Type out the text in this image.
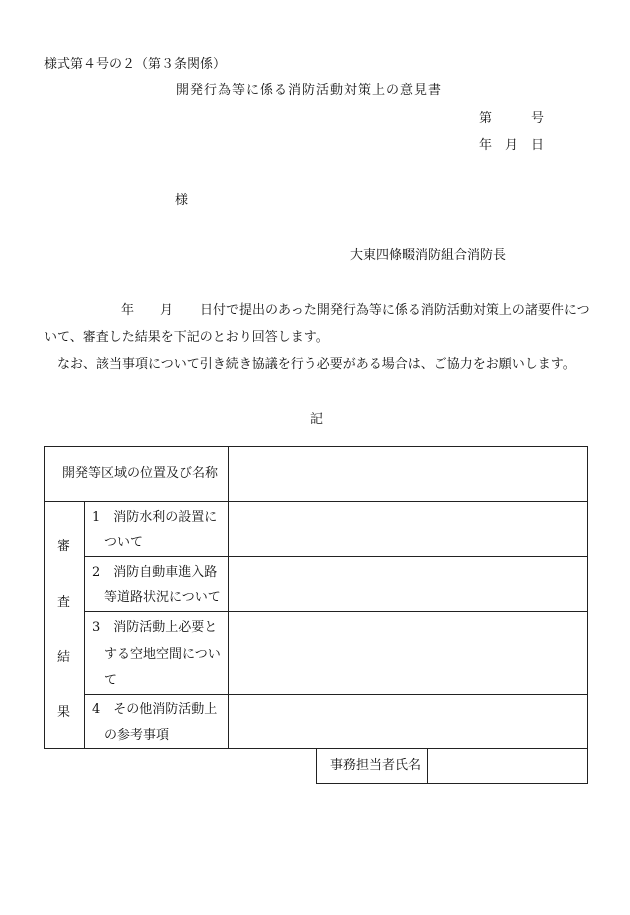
様式第４号の２（第３条関係）
開発行為等に係る消防活動対策上の意見書
第	号
年 月 日
様
大東四條畷消防組合消防長
年 月 日付で提出のあった開発行為等に係る消防活動対策上の諸要件につ
いて、審査した結果を下記のとおり回答します。
なお、該当事項について引き続き協議を行う必要がある場合は、ご協力をお願いします。
記
開発等区域の位置及び名称
審
査
結
果
1　消防水利の設置に
ついて
2　消防自動車進入路
等道路状況について
3　消防活動上必要と
する空地空間につい
て
4　その他消防活動上
の参考事項
事務担当者氏名
